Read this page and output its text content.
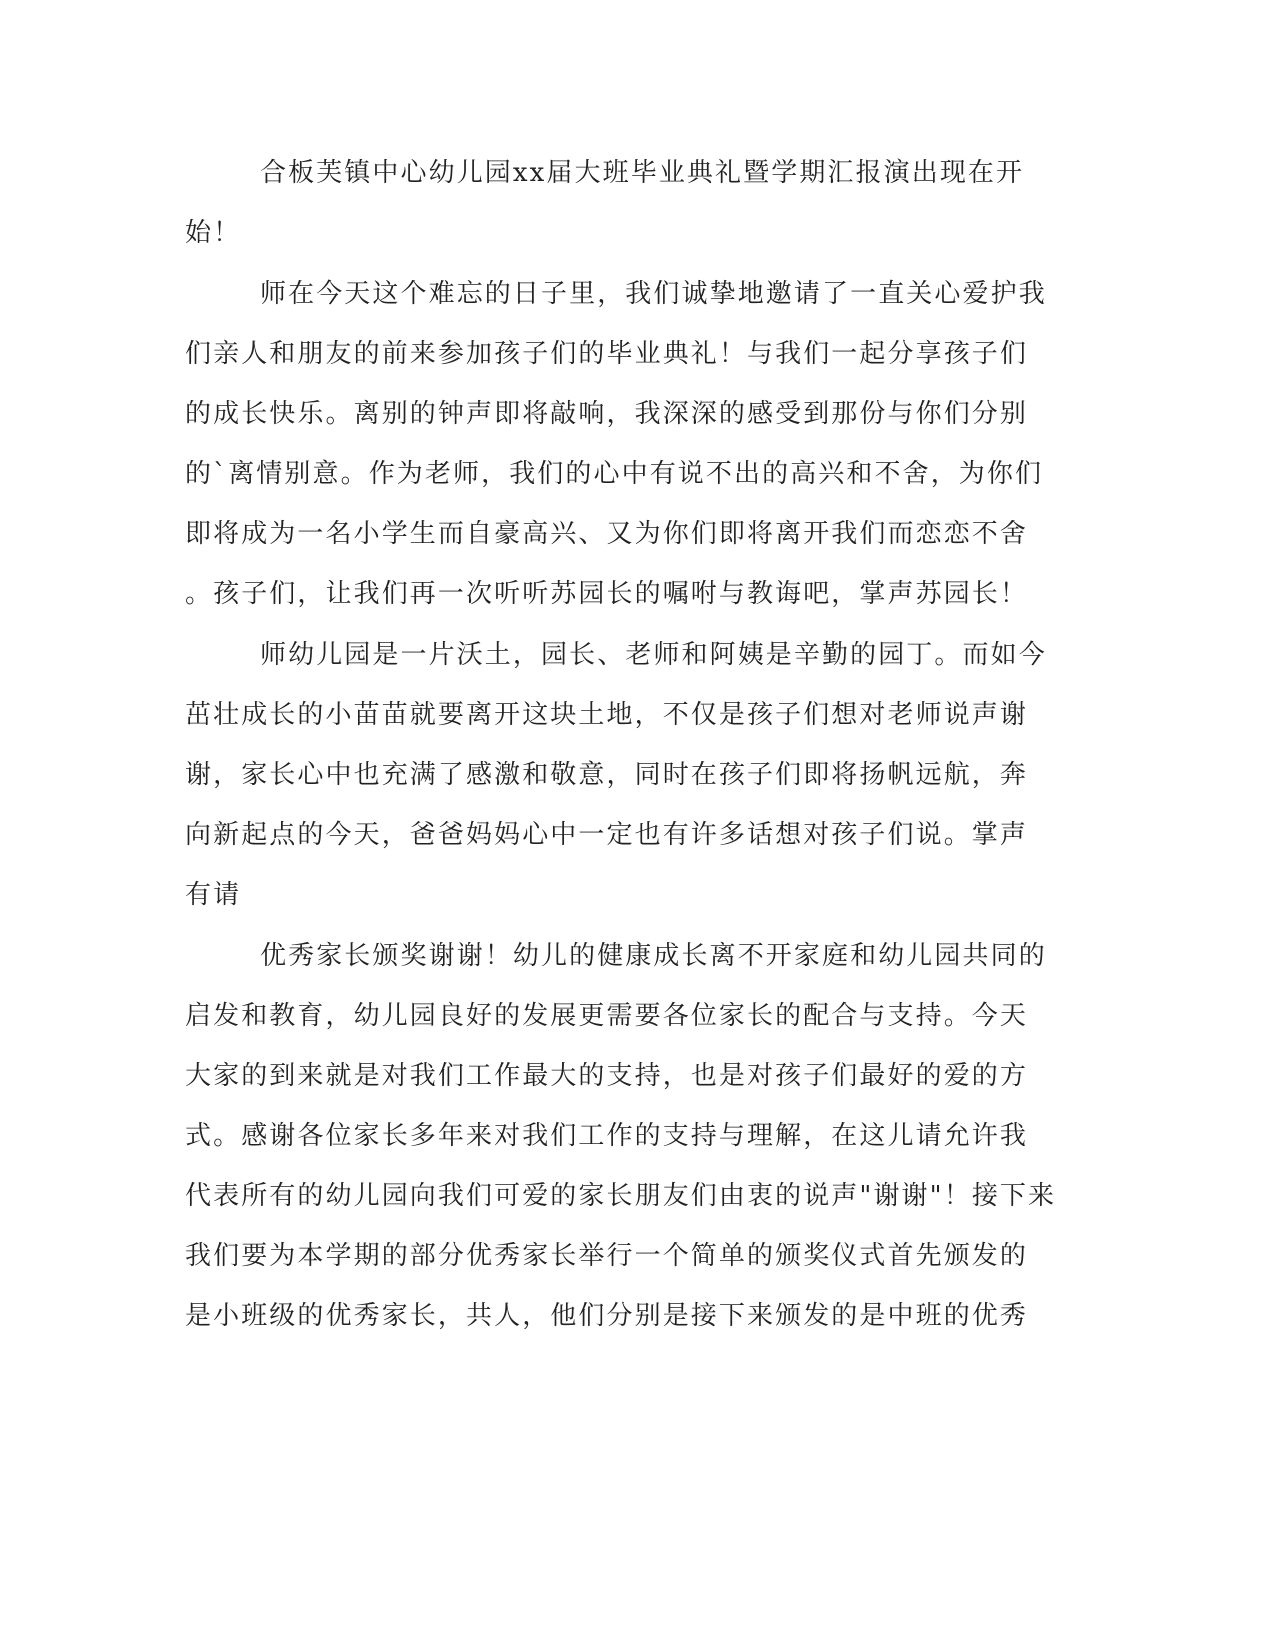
合板芙镇中心幼儿园xx届大班毕业典礼暨学期汇报演出现在开
始！
师在今天这个难忘的日子里，我们诚挚地邀请了一直关心爱护我
们亲人和朋友的前来参加孩子们的毕业典礼！与我们一起分享孩子们
的成长快乐。离别的钟声即将敲响，我深深的感受到那份与你们分别
的`离情别意。作为老师，我们的心中有说不出的高兴和不舍，为你们
即将成为一名小学生而自豪高兴、又为你们即将离开我们而恋恋不舍
。孩子们，让我们再一次听听苏园长的嘱咐与教诲吧，掌声苏园长！
师幼儿园是一片沃土，园长、老师和阿姨是辛勤的园丁。而如今
茁壮成长的小苗苗就要离开这块土地，不仅是孩子们想对老师说声谢
谢，家长心中也充满了感激和敬意，同时在孩子们即将扬帆远航，奔
向新起点的今天，爸爸妈妈心中一定也有许多话想对孩子们说。掌声
有请
优秀家长颁奖谢谢！幼儿的健康成长离不开家庭和幼儿园共同的
启发和教育，幼儿园良好的发展更需要各位家长的配合与支持。今天
大家的到来就是对我们工作最大的支持，也是对孩子们最好的爱的方
式。感谢各位家长多年来对我们工作的支持与理解，在这儿请允许我
代表所有的幼儿园向我们可爱的家长朋友们由衷的说声"谢谢"！接下来
我们要为本学期的部分优秀家长举行一个简单的颁奖仪式首先颁发的
是小班级的优秀家长，共人，他们分别是接下来颁发的是中班的优秀
